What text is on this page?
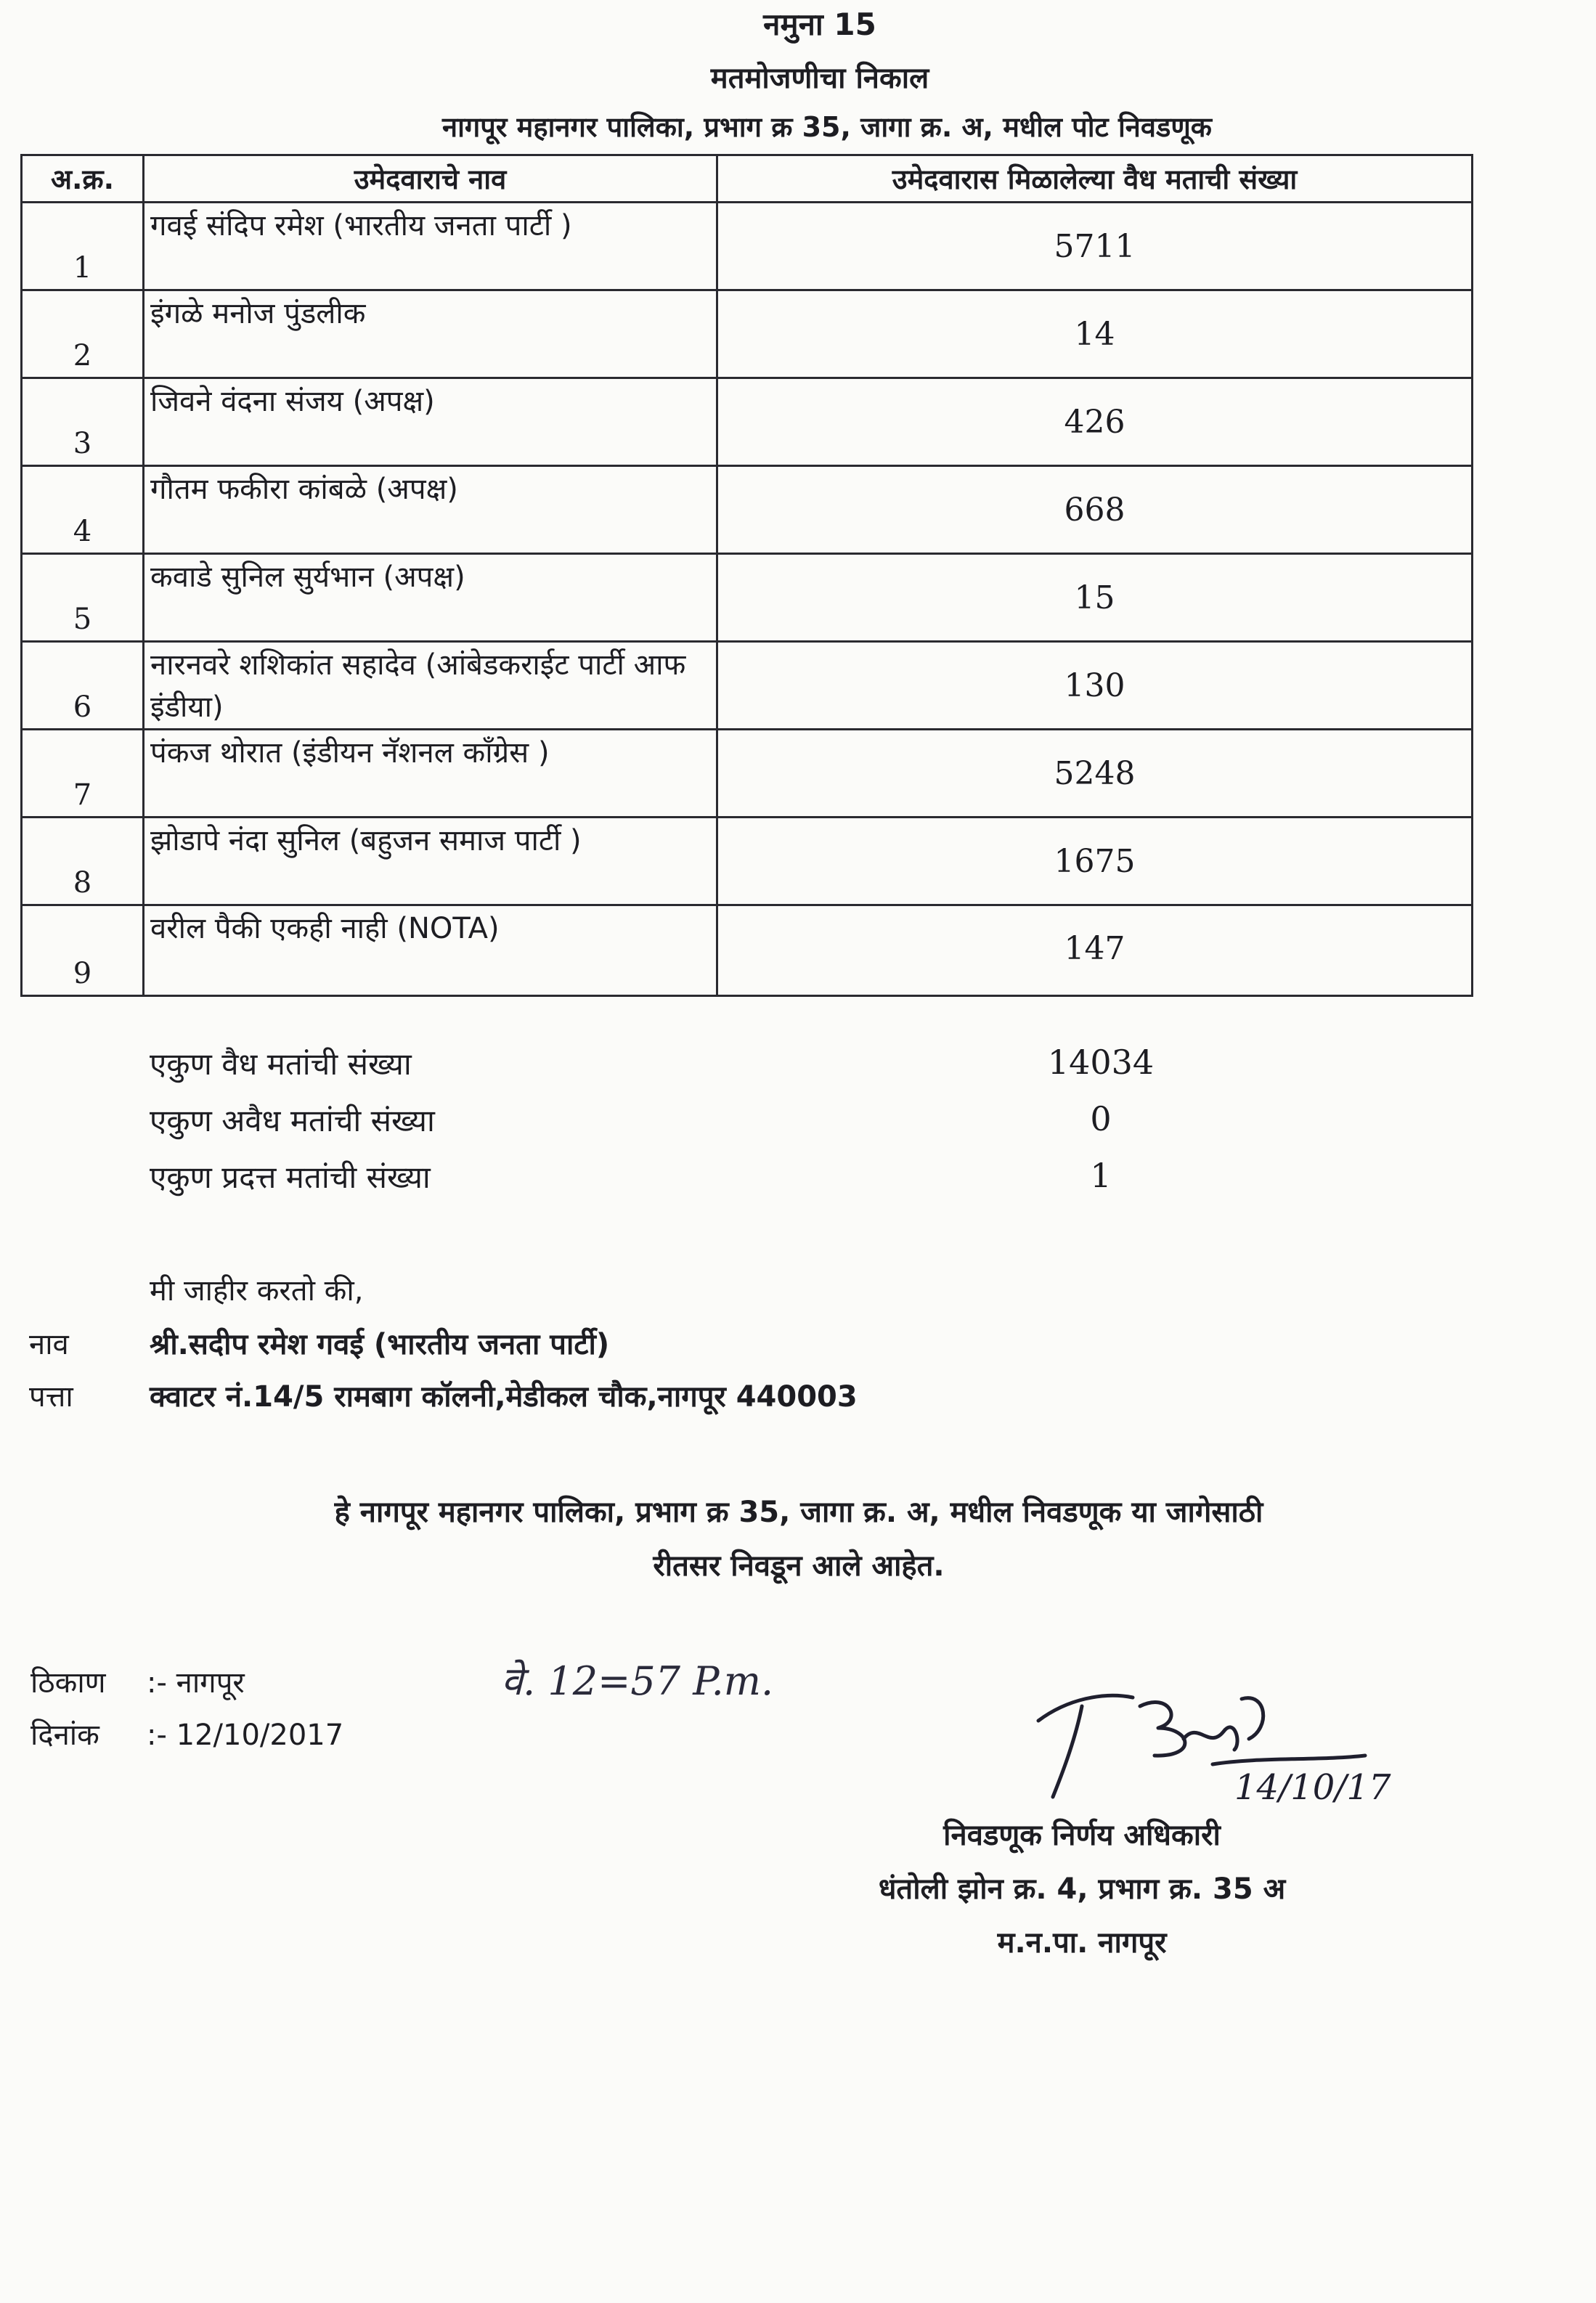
नमुना 15
मतमोजणीचा निकाल
नागपूर महानगर पालिका, प्रभाग क्र 35, जागा क्र. अ, मधील पोट निवडणूक
अ.क्र.	उमेदवाराचे नाव	उमेदवारास मिळालेल्या वैध मताची संख्या

1	गवई संदिप रमेश (भारतीय जनता पार्टी )	5711

2	इंगळे मनोज पुंडलीक	14

3	जिवने वंदना संजय (अपक्ष)	426

4	गौतम फकीरा कांबळे (अपक्ष)	668

5	कवाडे सुनिल सुर्यभान (अपक्ष)	15

6	नारनवरे शशिकांत सहादेव (आंबेडकराईट पार्टी आफ इंडीया)	130

7	पंकज थोरात (इंडीयन नॅशनल कॉंग्रेस )	5248

8	झोडापे नंदा सुनिल (बहुजन समाज पार्टी )	1675

9	वरील पैकी एकही नाही (NOTA)	147
एकुण वैध मतांची संख्या	14034
एकुण अवैध मतांची संख्या	0
एकुण प्रदत्त मतांची संख्या	1
मी जाहीर करतो की,
नाव	श्री.सदीप रमेश गवई (भारतीय जनता पार्टी)
पत्ता	क्वाटर नं.14/5 रामबाग कॉलनी,मेडीकल चौक,नागपूर 440003
हे नागपूर महानगर पालिका, प्रभाग क्र 35, जागा क्र. अ, मधील निवडणूक या जागेसाठी
रीतसर निवडून आले आहेत.
ठिकाण :- नागपूर
दिनांक :- 12/10/2017
वे. 12=57 P.m.
14/10/17
निवडणूक निर्णय अधिकारी
धंतोली झोन क्र. 4, प्रभाग क्र. 35 अ
म.न.पा. नागपूर
